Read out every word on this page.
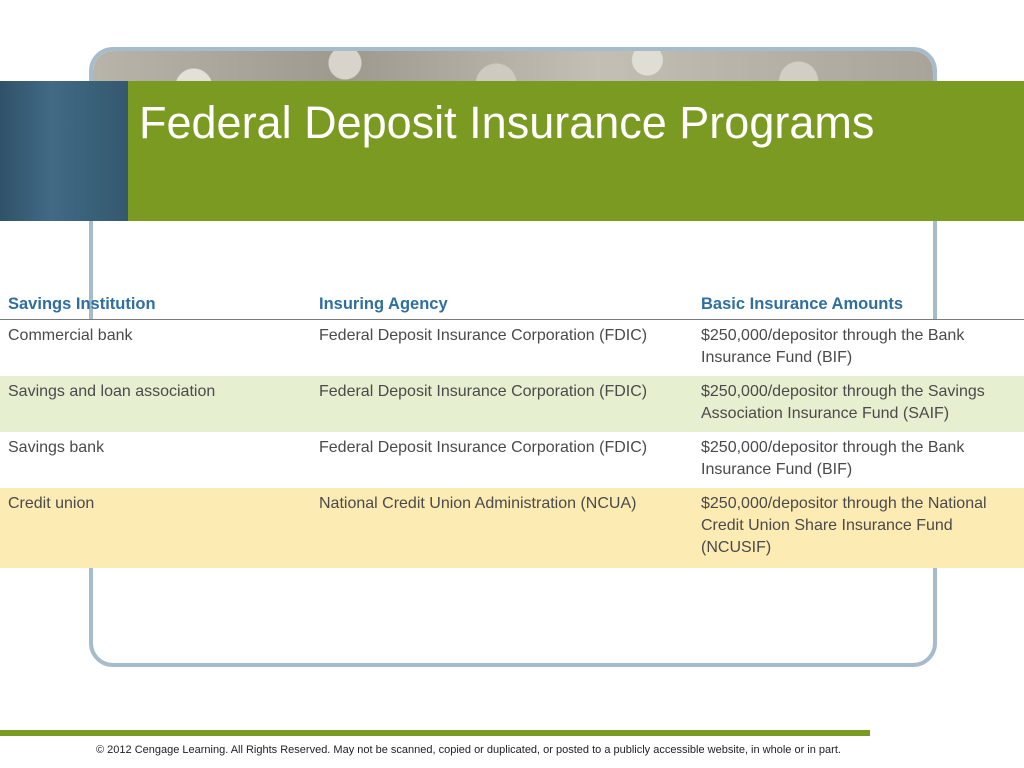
Federal Deposit Insurance Programs
Savings Institution	Insuring Agency	Basic Insurance Amounts
Commercial bank	Federal Deposit Insurance Corporation (FDIC)	$250,000/depositor through the Bank Insurance Fund (BIF)
Savings and loan association	Federal Deposit Insurance Corporation (FDIC)	$250,000/depositor through the Savings Association Insurance Fund (SAIF)
Savings bank	Federal Deposit Insurance Corporation (FDIC)	$250,000/depositor through the Bank Insurance Fund (BIF)
Credit union	National Credit Union Administration (NCUA)	$250,000/depositor through the National Credit Union Share Insurance Fund (NCUSIF)
© 2012 Cengage Learning. All Rights Reserved. May not be scanned, copied or duplicated, or posted to a publicly accessible website, in whole or in part.
